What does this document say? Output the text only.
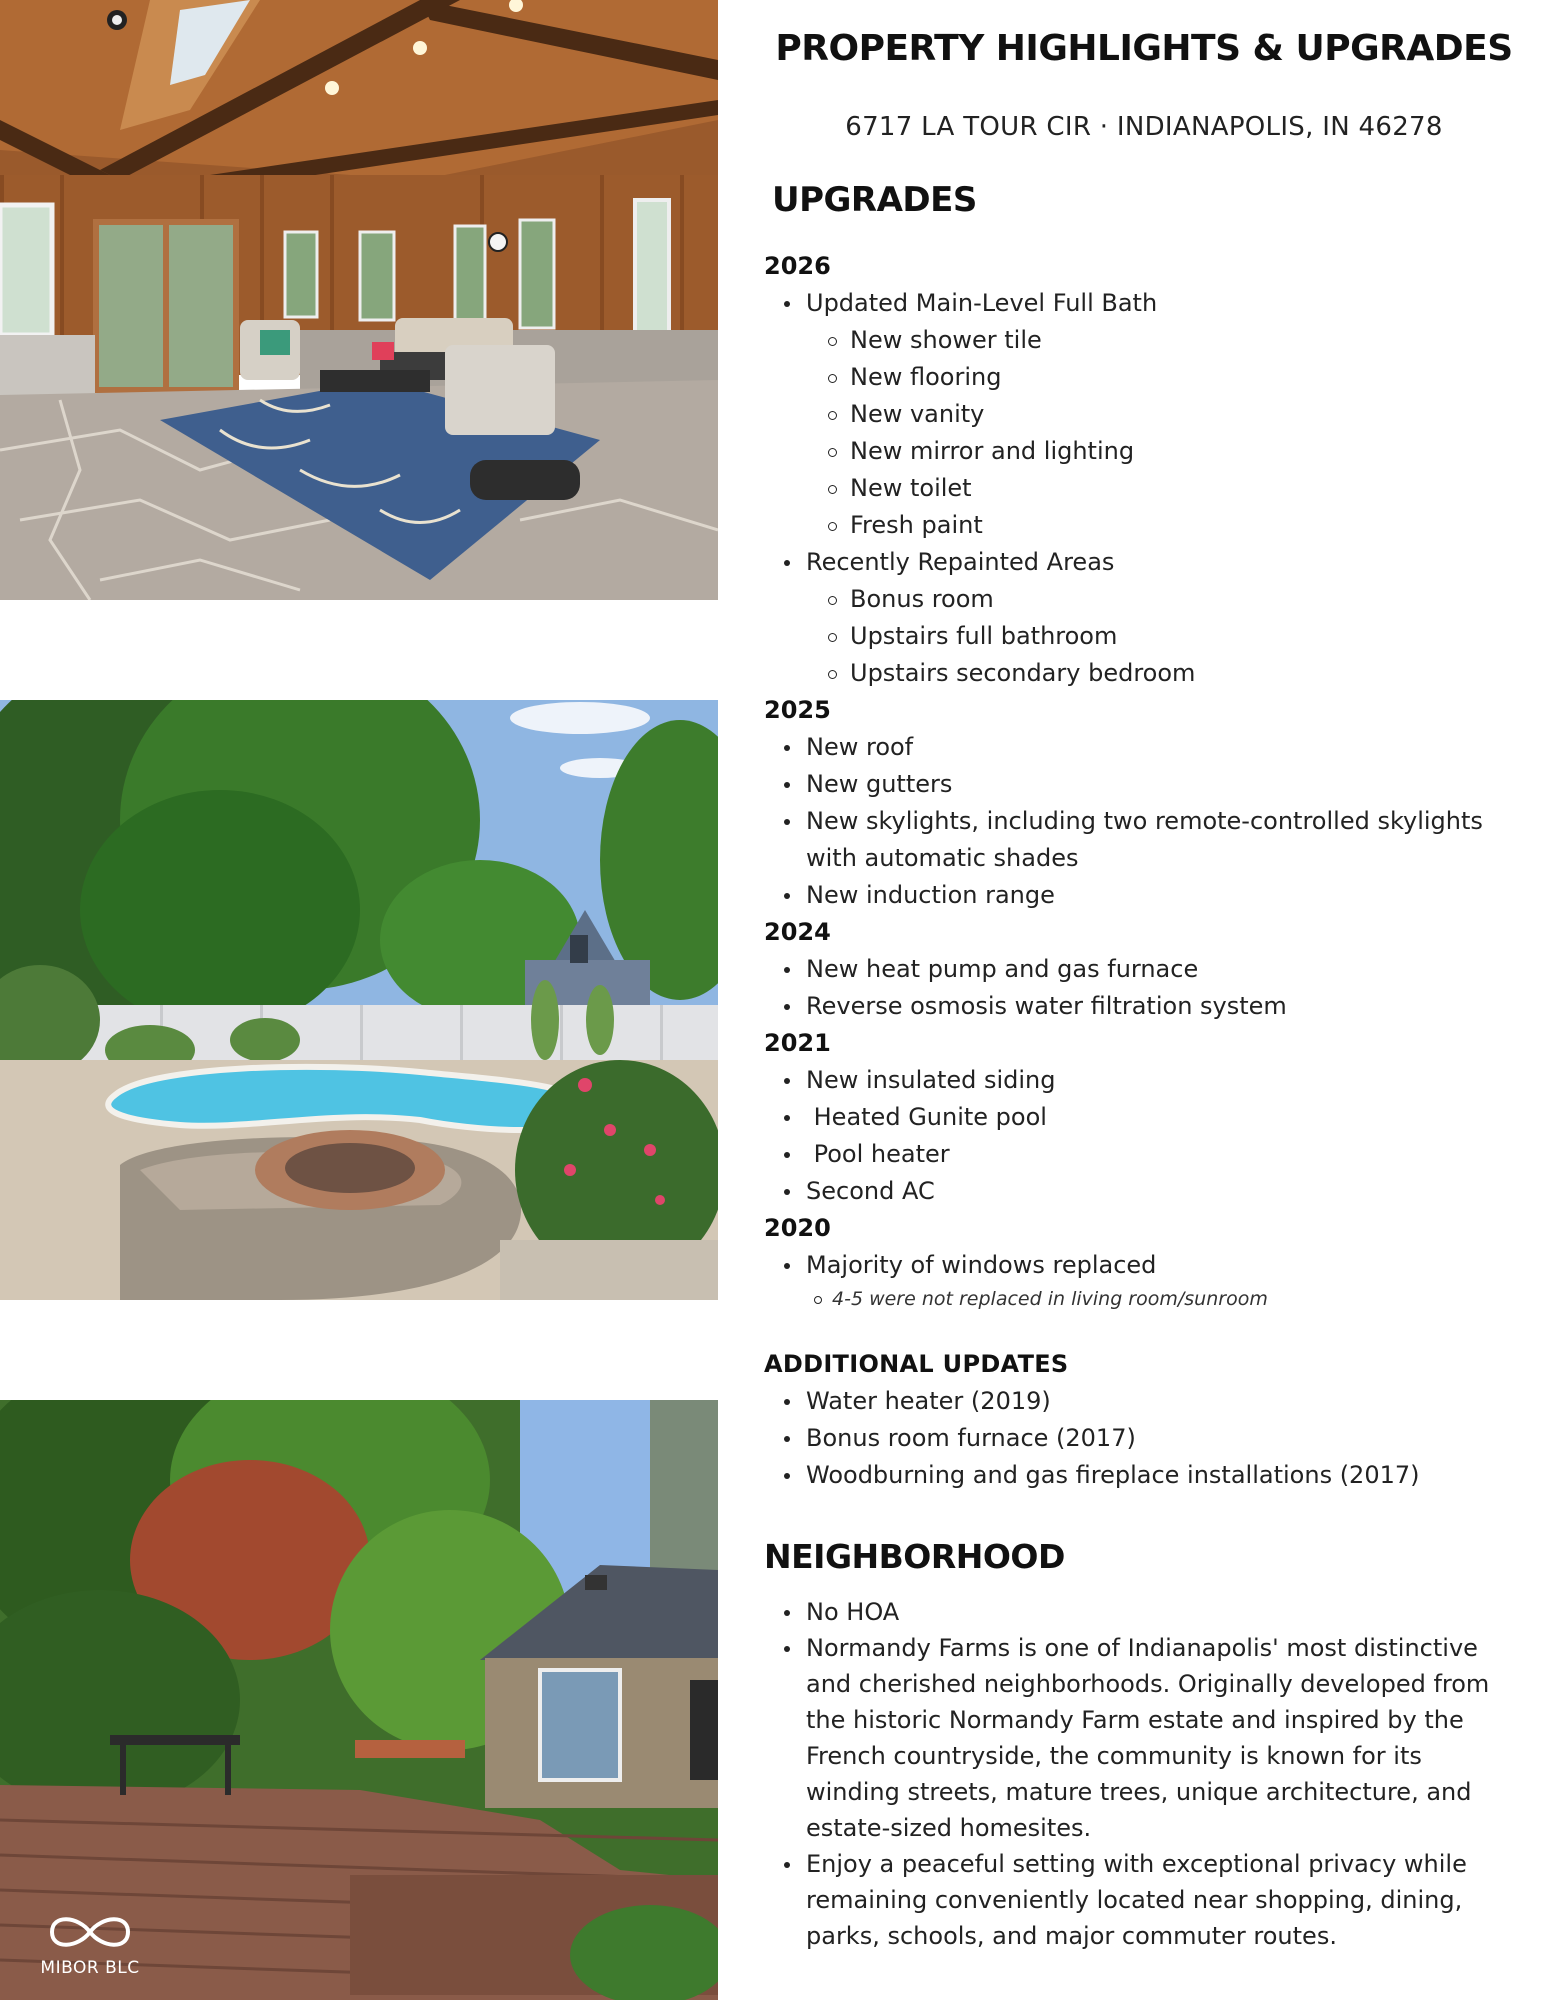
MIBOR BLC
PROPERTY HIGHLIGHTS & UPGRADES
6717 LA TOUR CIR · INDIANAPOLIS, IN 46278
UPGRADES
2026
Updated Main-Level Full Bath
New shower tile
New flooring
New vanity
New mirror and lighting
New toilet
Fresh paint
Recently Repainted Areas
Bonus room
Upstairs full bathroom
Upstairs secondary bedroom
2025
New roof
New gutters
New skylights, including two remote-controlled skylights with automatic shades
New induction range
2024
New heat pump and gas furnace
Reverse osmosis water filtration system
2021
New insulated siding
Heated Gunite pool
Pool heater
Second AC
2020
Majority of windows replaced
4-5 were not replaced in living room/sunroom
ADDITIONAL UPDATES
Water heater (2019)
Bonus room furnace (2017)
Woodburning and gas fireplace installations (2017)
NEIGHBORHOOD
No HOA
Normandy Farms is one of Indianapolis' most distinctive and cherished neighborhoods. Originally developed from the historic Normandy Farm estate and inspired by the French countryside, the community is known for its winding streets, mature trees, unique architecture, and estate-sized homesites.
Enjoy a peaceful setting with exceptional privacy while remaining conveniently located near shopping, dining, parks, schools, and major commuter routes.
